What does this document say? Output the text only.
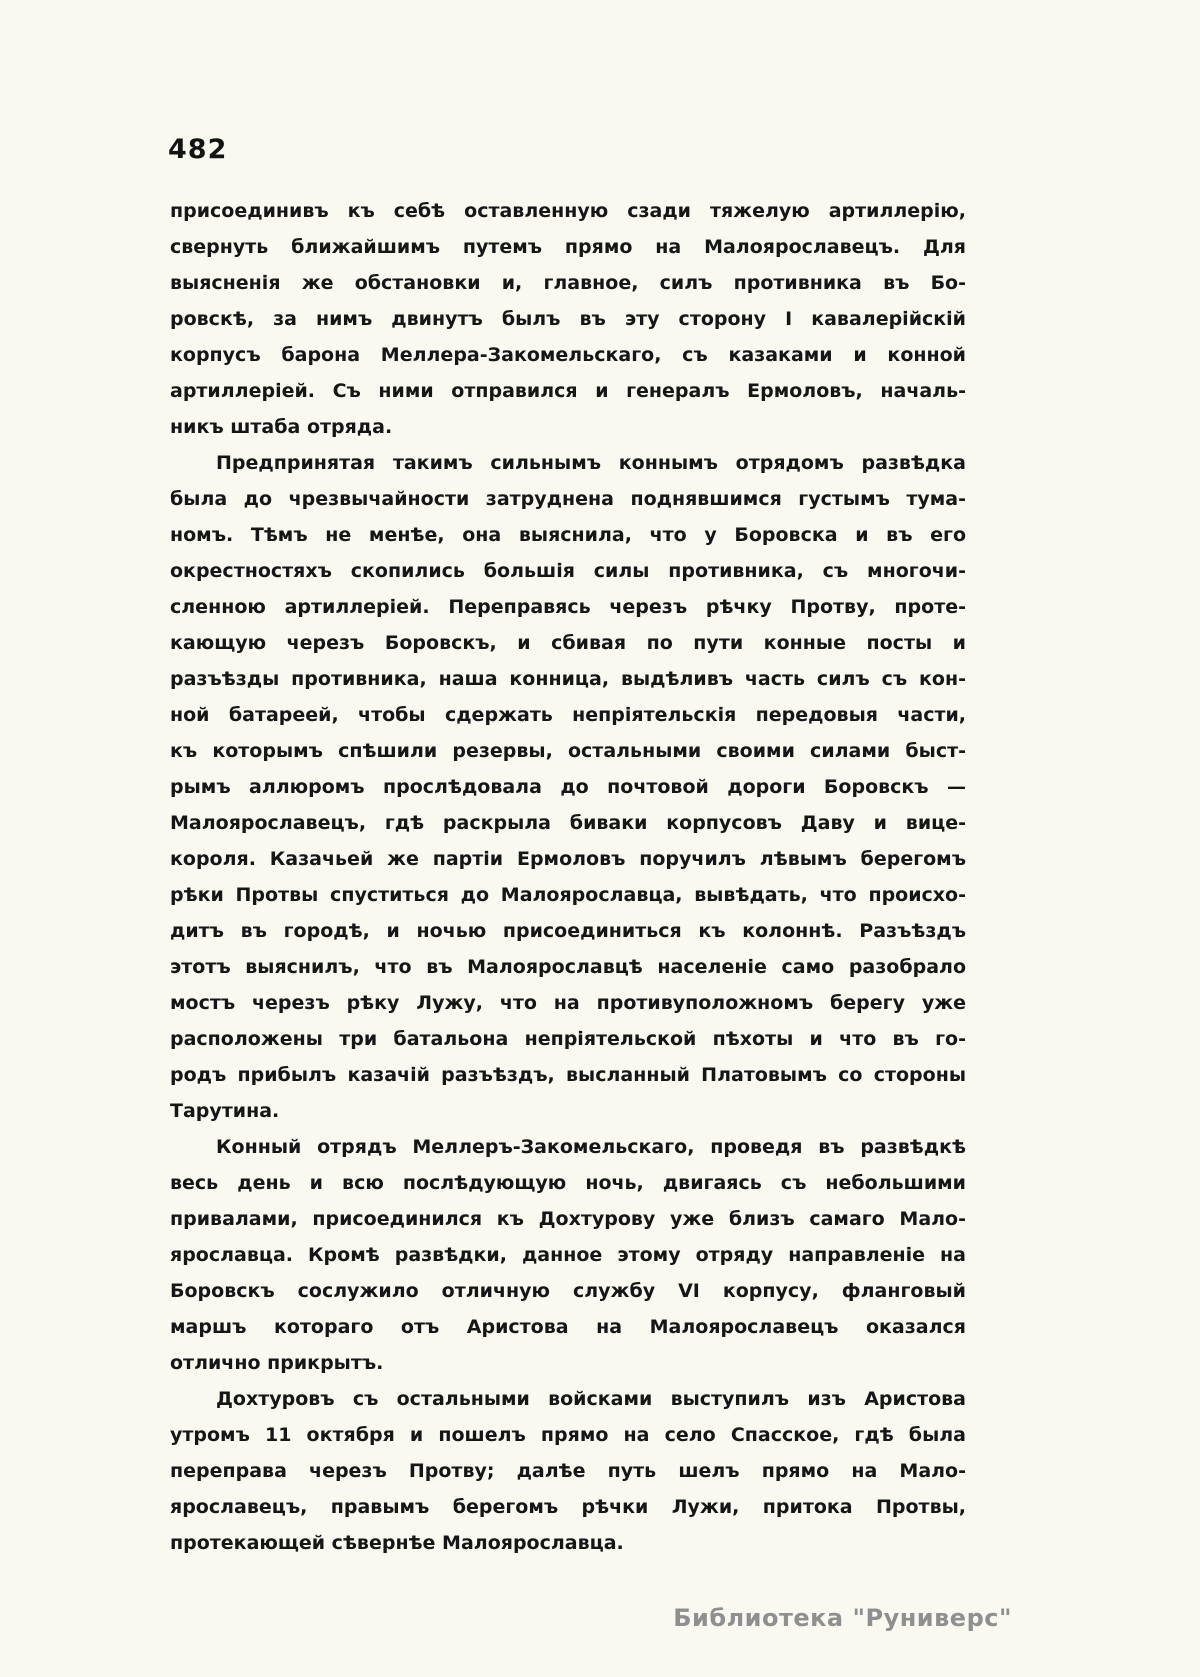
482
присоединивъ къ себѣ оставленную сзади тяжелую артиллерію,
свернуть ближайшимъ путемъ прямо на Малоярославецъ. Для
выясненія же обстановки и, главное, силъ противника въ Бо-
ровскѣ, за нимъ двинутъ былъ въ эту сторону I кавалерійскій
корпусъ барона Меллера-Закомельскаго, съ казаками и конной
артиллеріей. Съ ними отправился и генералъ Ермоловъ, началь-
никъ штаба отряда.
Предпринятая такимъ сильнымъ коннымъ отрядомъ развѣдка
была до чрезвычайности затруднена поднявшимся густымъ тума-
номъ. Тѣмъ не менѣе, она выяснила, что у Боровска и въ его
окрестностяхъ скопились большія силы противника, съ многочи-
сленною артиллеріей. Переправясь черезъ рѣчку Протву, проте-
кающую черезъ Боровскъ, и сбивая по пути конные посты и
разъѣзды противника, наша конница, выдѣливъ часть силъ съ кон-
ной батареей, чтобы сдержать непріятельскія передовыя части,
къ которымъ спѣшили резервы, остальными своими силами быст-
рымъ аллюромъ прослѣдовала до почтовой дороги Боровскъ —
Малоярославецъ, гдѣ раскрыла биваки корпусовъ Даву и вице-
короля. Казачьей же партіи Ермоловъ поручилъ лѣвымъ берегомъ
рѣки Протвы спуститься до Малоярославца, вывѣдать, что происхо-
дитъ въ городѣ, и ночью присоединиться къ колоннѣ. Разъѣздъ
этотъ выяснилъ, что въ Малоярославцѣ населеніе само разобрало
мостъ черезъ рѣку Лужу, что на противуположномъ берегу уже
расположены три батальона непріятельской пѣхоты и что въ го-
родъ прибылъ казачій разъѣздъ, высланный Платовымъ со стороны
Тарутина.
Конный отрядъ Меллеръ-Закомельскаго, проведя въ развѣдкѣ
весь день и всю послѣдующую ночь, двигаясь съ небольшими
привалами, присоединился къ Дохтурову уже близъ самаго Мало-
ярославца. Кромѣ развѣдки, данное этому отряду направленіе на
Боровскъ сослужило отличную службу VI корпусу, фланговый
маршъ котораго отъ Аристова на Малоярославецъ оказался
отлично прикрытъ.
Дохтуровъ съ остальными войсками выступилъ изъ Аристова
утромъ 11 октября и пошелъ прямо на село Спасское, гдѣ была
переправа черезъ Протву; далѣе путь шелъ прямо на Мало-
ярославецъ, правымъ берегомъ рѣчки Лужи, притока Протвы,
протекающей сѣвернѣе Малоярославца.
Библиотека "Руниверс"
